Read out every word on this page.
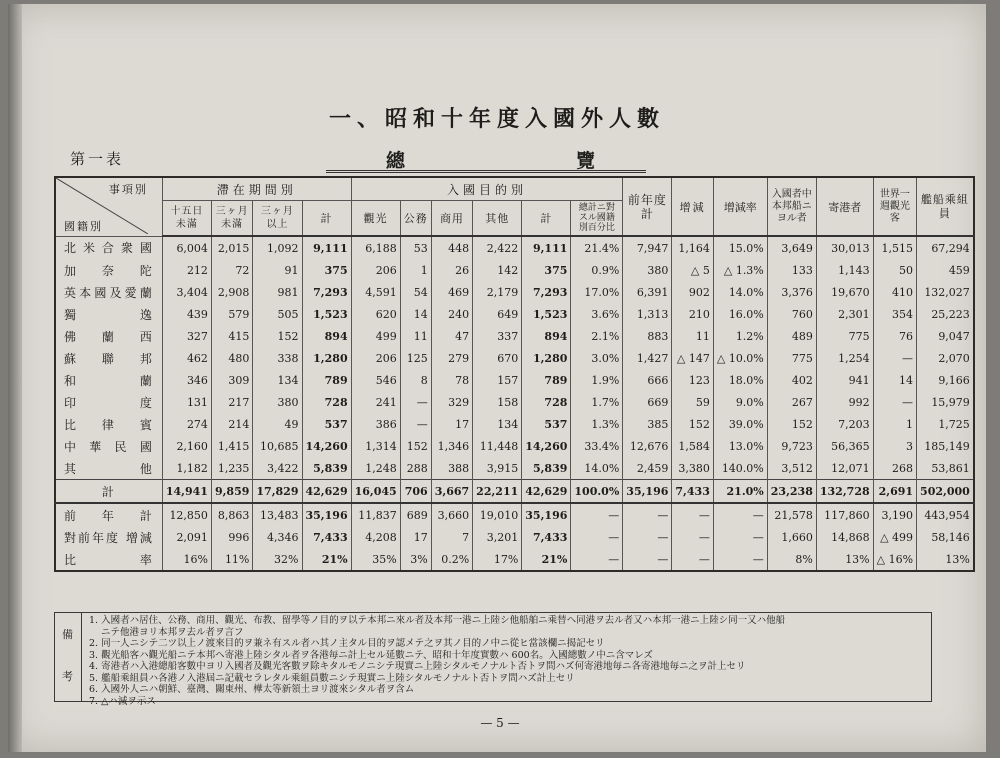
一、昭和十年度入國外人數
第一表	總	覽
事項別
國籍別	滯在期間別				入國目的別						前年度計	增減	增減率	入國者中本邦船ニヨル者	寄港者	世界一週觀光客	艦船乘組員
	十五日未滿	三ヶ月未滿	三ヶ月以上	計	觀光	公務	商用	其他	計	總計ニ對スル國籍別百分比							
北米合衆國	6,004	2,015	1,092	9,111	6,188	53	448	2,422	9,111	21.4%	7,947	1,164	15.0%	3,649	30,013	1,515	67,294
加奈陀	212	72	91	375	206	1	26	142	375	0.9%	380	△ 5	△ 1.3%	133	1,143	50	459
英本國及愛蘭	3,404	2,908	981	7,293	4,591	54	469	2,179	7,293	17.0%	6,391	902	14.0%	3,376	19,670	410	132,027
獨逸	439	579	505	1,523	620	14	240	649	1,523	3.6%	1,313	210	16.0%	760	2,301	354	25,223
佛蘭西	327	415	152	894	499	11	47	337	894	2.1%	883	11	1.2%	489	775	76	9,047
蘇聯邦	462	480	338	1,280	206	125	279	670	1,280	3.0%	1,427	△ 147	△ 10.0%	775	1,254	—	2,070
和蘭	346	309	134	789	546	8	78	157	789	1.9%	666	123	18.0%	402	941	14	9,166
印度	131	217	380	728	241	—	329	158	728	1.7%	669	59	9.0%	267	992	—	15,979
比律賓	274	214	49	537	386	—	17	134	537	1.3%	385	152	39.0%	152	7,203	1	1,725
中華民國	2,160	1,415	10,685	14,260	1,314	152	1,346	11,448	14,260	33.4%	12,676	1,584	13.0%	9,723	56,365	3	185,149
其他	1,182	1,235	3,422	5,839	1,248	288	388	3,915	5,839	14.0%	2,459	3,380	140.0%	3,512	12,071	268	53,861
計	14,941	9,859	17,829	42,629	16,045	706	3,667	22,211	42,629	100.0%	35,196	7,433	21.0%	23,238	132,728	2,691	502,000
前年計	12,850	8,863	13,483	35,196	11,837	689	3,660	19,010	35,196	—	—	—	—	21,578	117,860	3,190	443,954
對前年度 增減	2,091	996	4,346	7,433	4,208	17	7	3,201	7,433	—	—	—	—	1,660	14,868	△ 499	58,146
比率	16%	11%	32%	21%	35%	3%	0.2%	17%	21%	—	—	—	—	8%	13%	△ 16%	13%
備
考
1. 入國者ハ居住、公務、商用、觀光、布教、留學等ノ目的ヲ以テ本邦ニ來ル者及本邦一港ニ上陸シ他船舶ニ乘替ヘ同港ヲ去ル者又ハ本邦一港ニ上陸シ同一又ハ他船
ニテ他港ヨリ本邦ヲ去ル者ヲ言フ
2. 同一人ニシテ二ツ以上ノ渡來目的ヲ兼ネ有スル者ハ其ノ主タル目的ヲ認メテ之ヲ其ノ目的ノ中ニ從ヒ當該欄ニ揭記セリ
3. 觀光船客ハ觀光船ニテ本邦ヘ寄港上陸シタル者ヲ各港毎ニ計上セル延數ニテ、昭和十年度實數ハ 600名。入國總數ノ中ニ含マレズ
4. 寄港者ハ入港總船客數中ヨリ入國者及觀光客數ヲ除キタルモノニシテ現實ニ上陸シタルモノナルト否トヲ問ハズ何寄港地毎ニ各寄港地毎ニ之ヲ計上セリ
5. 艦船乘組員ハ各港ノ入港屆ニ記載セラレタル乘組員數ニシテ現實ニ上陸シタルモノナルト否トヲ問ハズ計上セリ
6. 入國外人ニハ朝鮮、臺灣、關東州、樺太等新領土ヨリ渡來シタル者ヲ含ム
7. △ハ減ヲ示ス
— 5 —
